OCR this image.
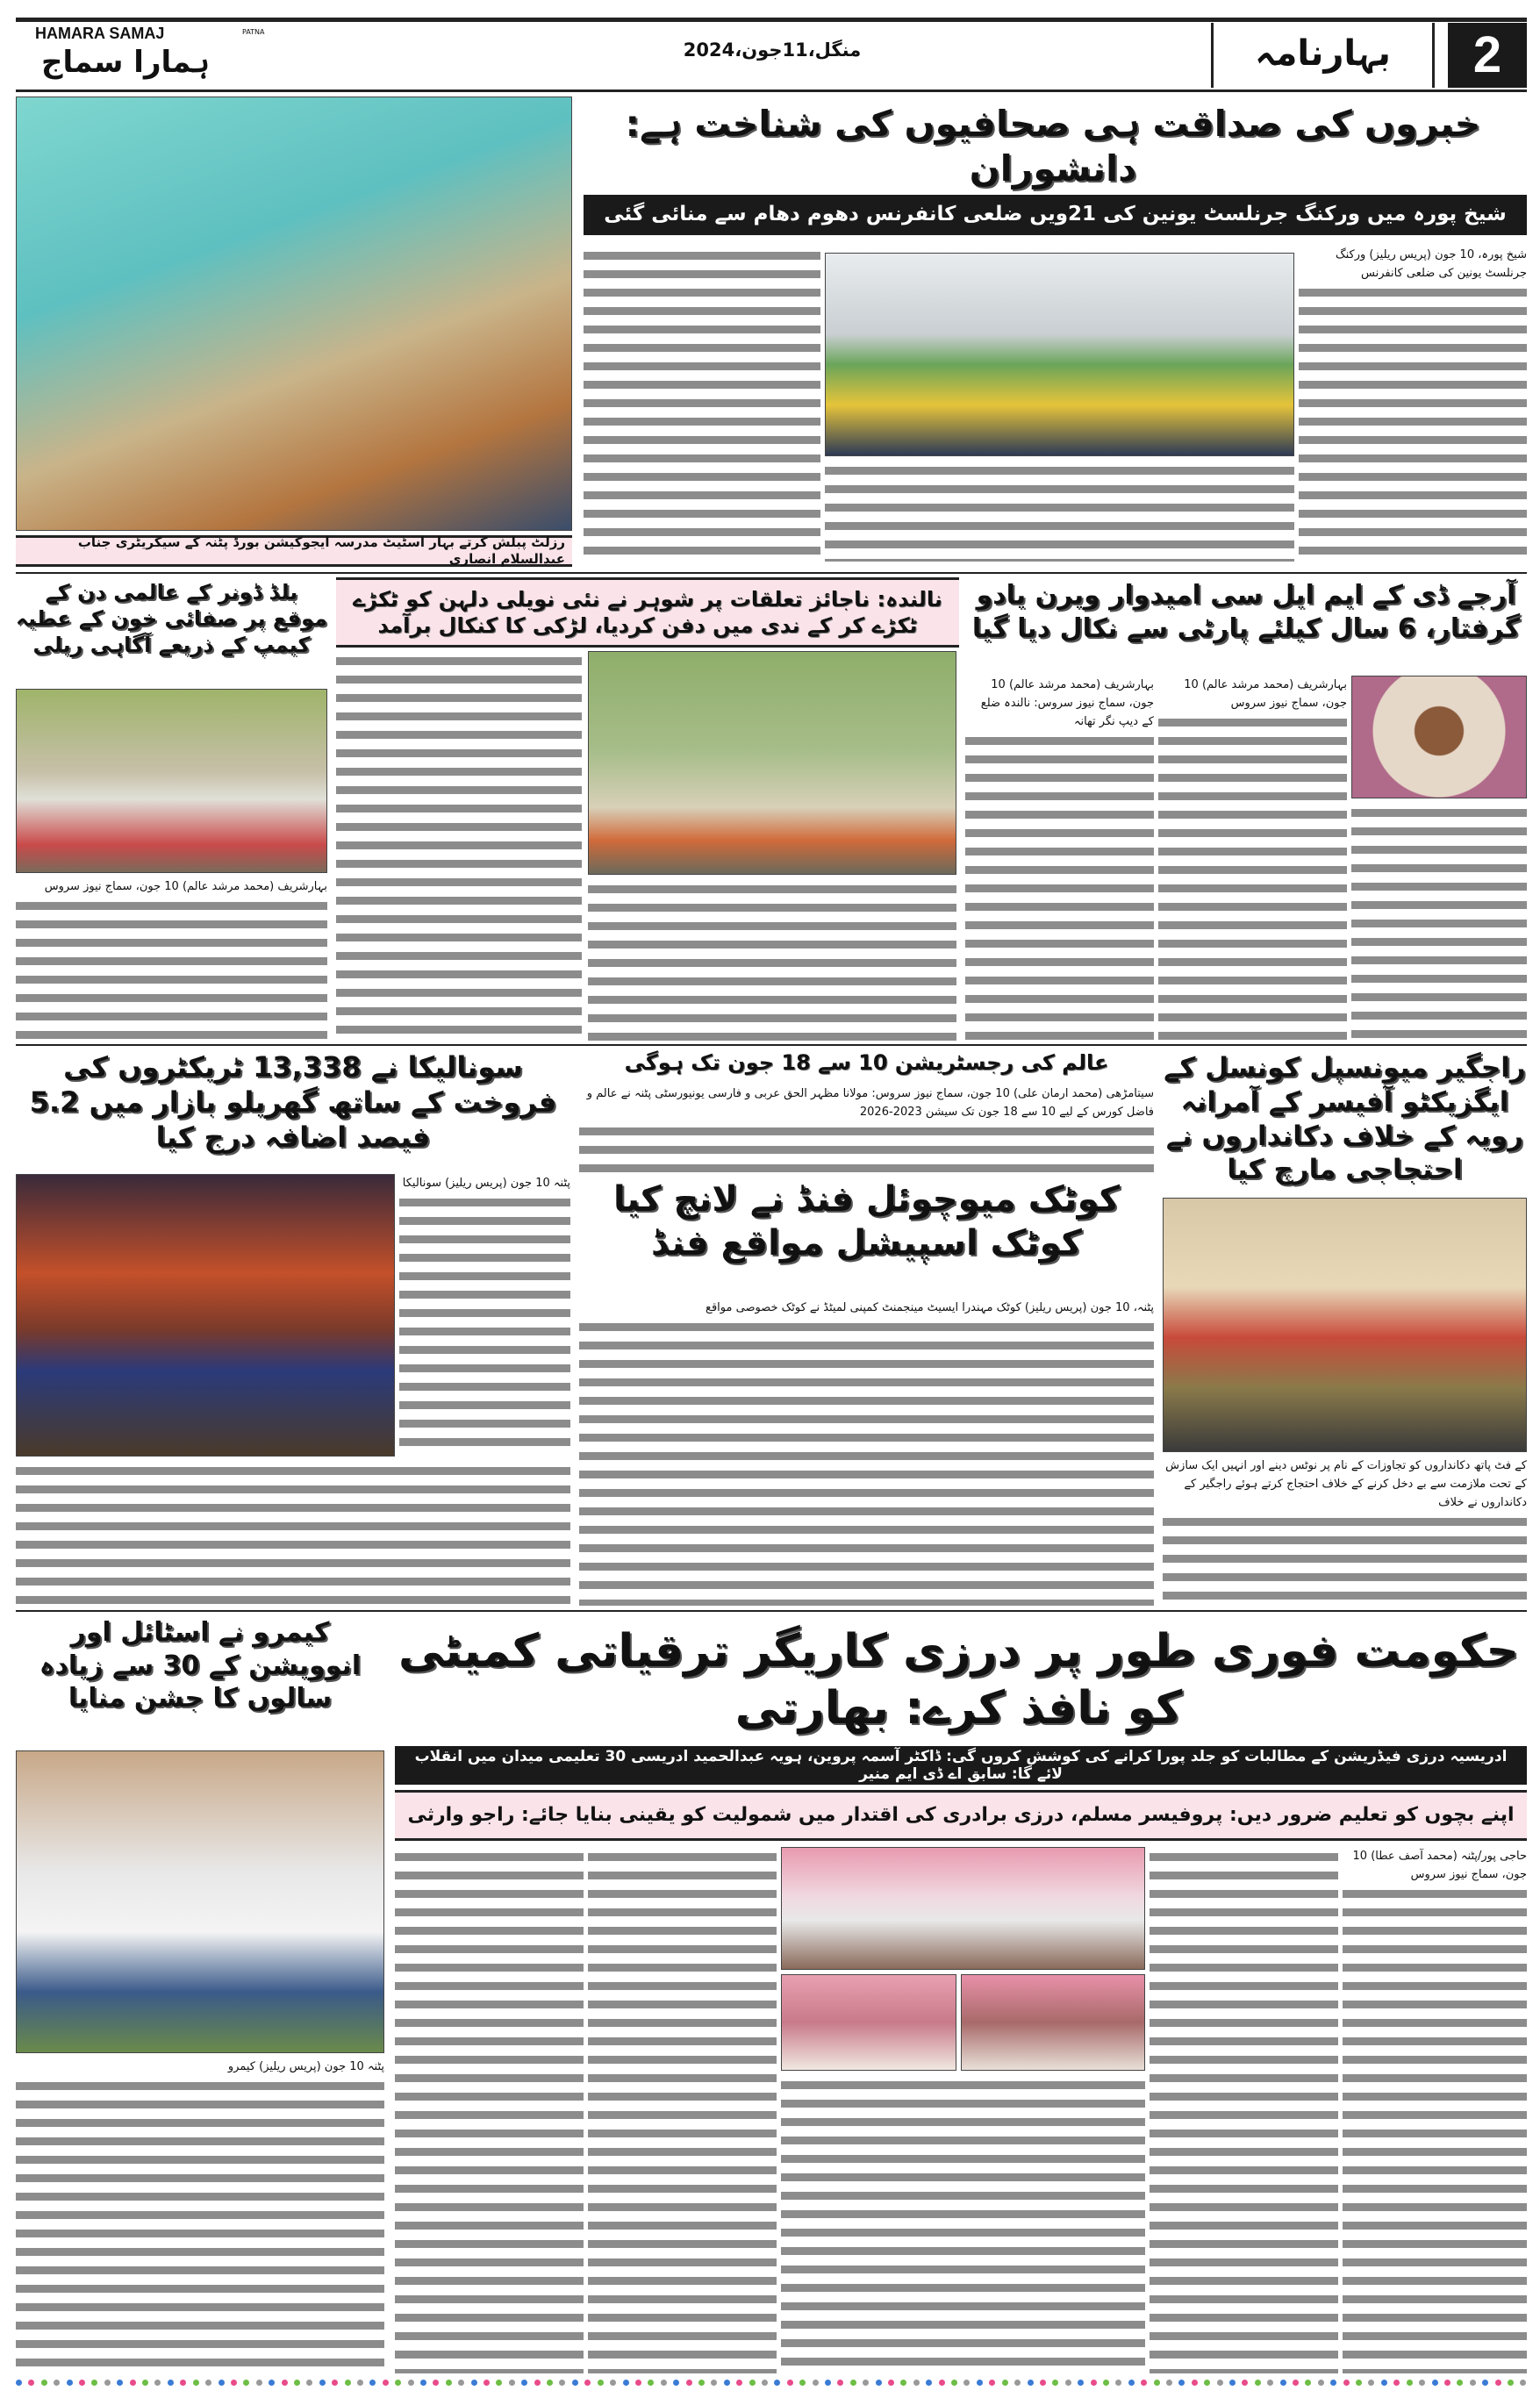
HAMARA SAMAJ
ہمارا سماج
PATNA
منگل،11جون،2024	بہارنامہ	2
رزلٹ پبلش کرتے بہار اسٹیٹ مدرسہ ایجوکیشن بورڈ پٹنہ کے سیکریٹری جناب عبدالسلام انصاری
خبروں کی صداقت ہی صحافیوں کی شناخت ہے: دانشوران
شیخ پورہ میں ورکنگ جرنلسٹ یونین کی 21ویں ضلعی کانفرنس دھوم دھام سے منائی گئی
شیخ پورہ، 10 جون (پریس ریلیز) ورکنگ جرنلسٹ یونین کی ضلعی کانفرنس
بلڈ ڈونر کے عالمی دن کے موقع پر صفائی خون کے عطیہ کیمپ کے ذریعے آگاہی ریلی
بہارشریف (محمد مرشد عالم) 10 جون، سماج نیوز سروس
نالندہ: ناجائز تعلقات پر شوہر نے نئی نویلی دلہن کو ٹکڑے ٹکڑے کر کے ندی میں دفن کردیا، لڑکی کا کنکال برآمد
آرجے ڈی کے ایم ایل سی امیدوار ویرن یادو گرفتار، 6 سال کیلئے پارٹی سے نکال دیا گیا
بہارشریف (محمد مرشد عالم) 10 جون، سماج نیوز سروس
بہارشریف (محمد مرشد عالم) 10 جون، سماج نیوز سروس: نالندہ ضلع کے دیپ نگر تھانہ
سونالیکا نے 13,338 ٹریکٹروں کی فروخت کے ساتھ گھریلو بازار میں 5.2 فیصد اضافہ درج کیا
پٹنہ 10 جون (پریس ریلیز) سونالیکا
عالم کی رجسٹریشن 10 سے 18 جون تک ہوگی
سیتامڑھی (محمد ارمان علی) 10 جون، سماج نیوز سروس: مولانا مظہر الحق عربی و فارسی یونیورسٹی پٹنہ نے عالم و فاضل کورس کے لیے 10 سے 18 جون تک سیشن 2023-2026
کوٹک میوچوئل فنڈ نے لانچ کیا کوٹک اسپیشل مواقع فنڈ
پٹنہ، 10 جون (پریس ریلیز) کوٹک مہندرا ایسیٹ مینجمنٹ کمپنی لمیٹڈ نے کوٹک خصوصی مواقع
راجگیر میونسپل کونسل کے ایگزیکٹو آفیسر کے آمرانہ رویہ کے خلاف دکانداروں نے احتجاجی مارچ کیا
کے فٹ پاتھ دکانداروں کو تجاوزات کے نام پر نوٹس دینے اور انہیں ایک سازش کے تحت ملازمت سے بے دخل کرنے کے خلاف احتجاج کرتے ہوئے راجگیر کے دکانداروں نے خلاف
کیمرو نے اسٹائل اور انوویشن کے 30 سے زیادہ سالوں کا جشن منایا
پٹنہ 10 جون (پریس ریلیز) کیمرو
حکومت فوری طور پر درزی کاریگر ترقیاتی کمیٹی کو نافذ کرے: بھارتی
ادریسیہ درزی فیڈریشن کے مطالبات کو جلد پورا کرانے کی کوشش کروں گی: ڈاکٹر آسمہ پروین، ہویہ عبدالحمید ادریسی 30 تعلیمی میدان میں انقلاب لائے گا: سابق اے ڈی ایم منیر
اپنے بچوں کو تعلیم ضرور دیں: پروفیسر مسلم، درزی برادری کی اقتدار میں شمولیت کو یقینی بنایا جائے: راجو وارثی
حاجی پور/پٹنہ (محمد آصف عطا) 10 جون، سماج نیوز سروس
